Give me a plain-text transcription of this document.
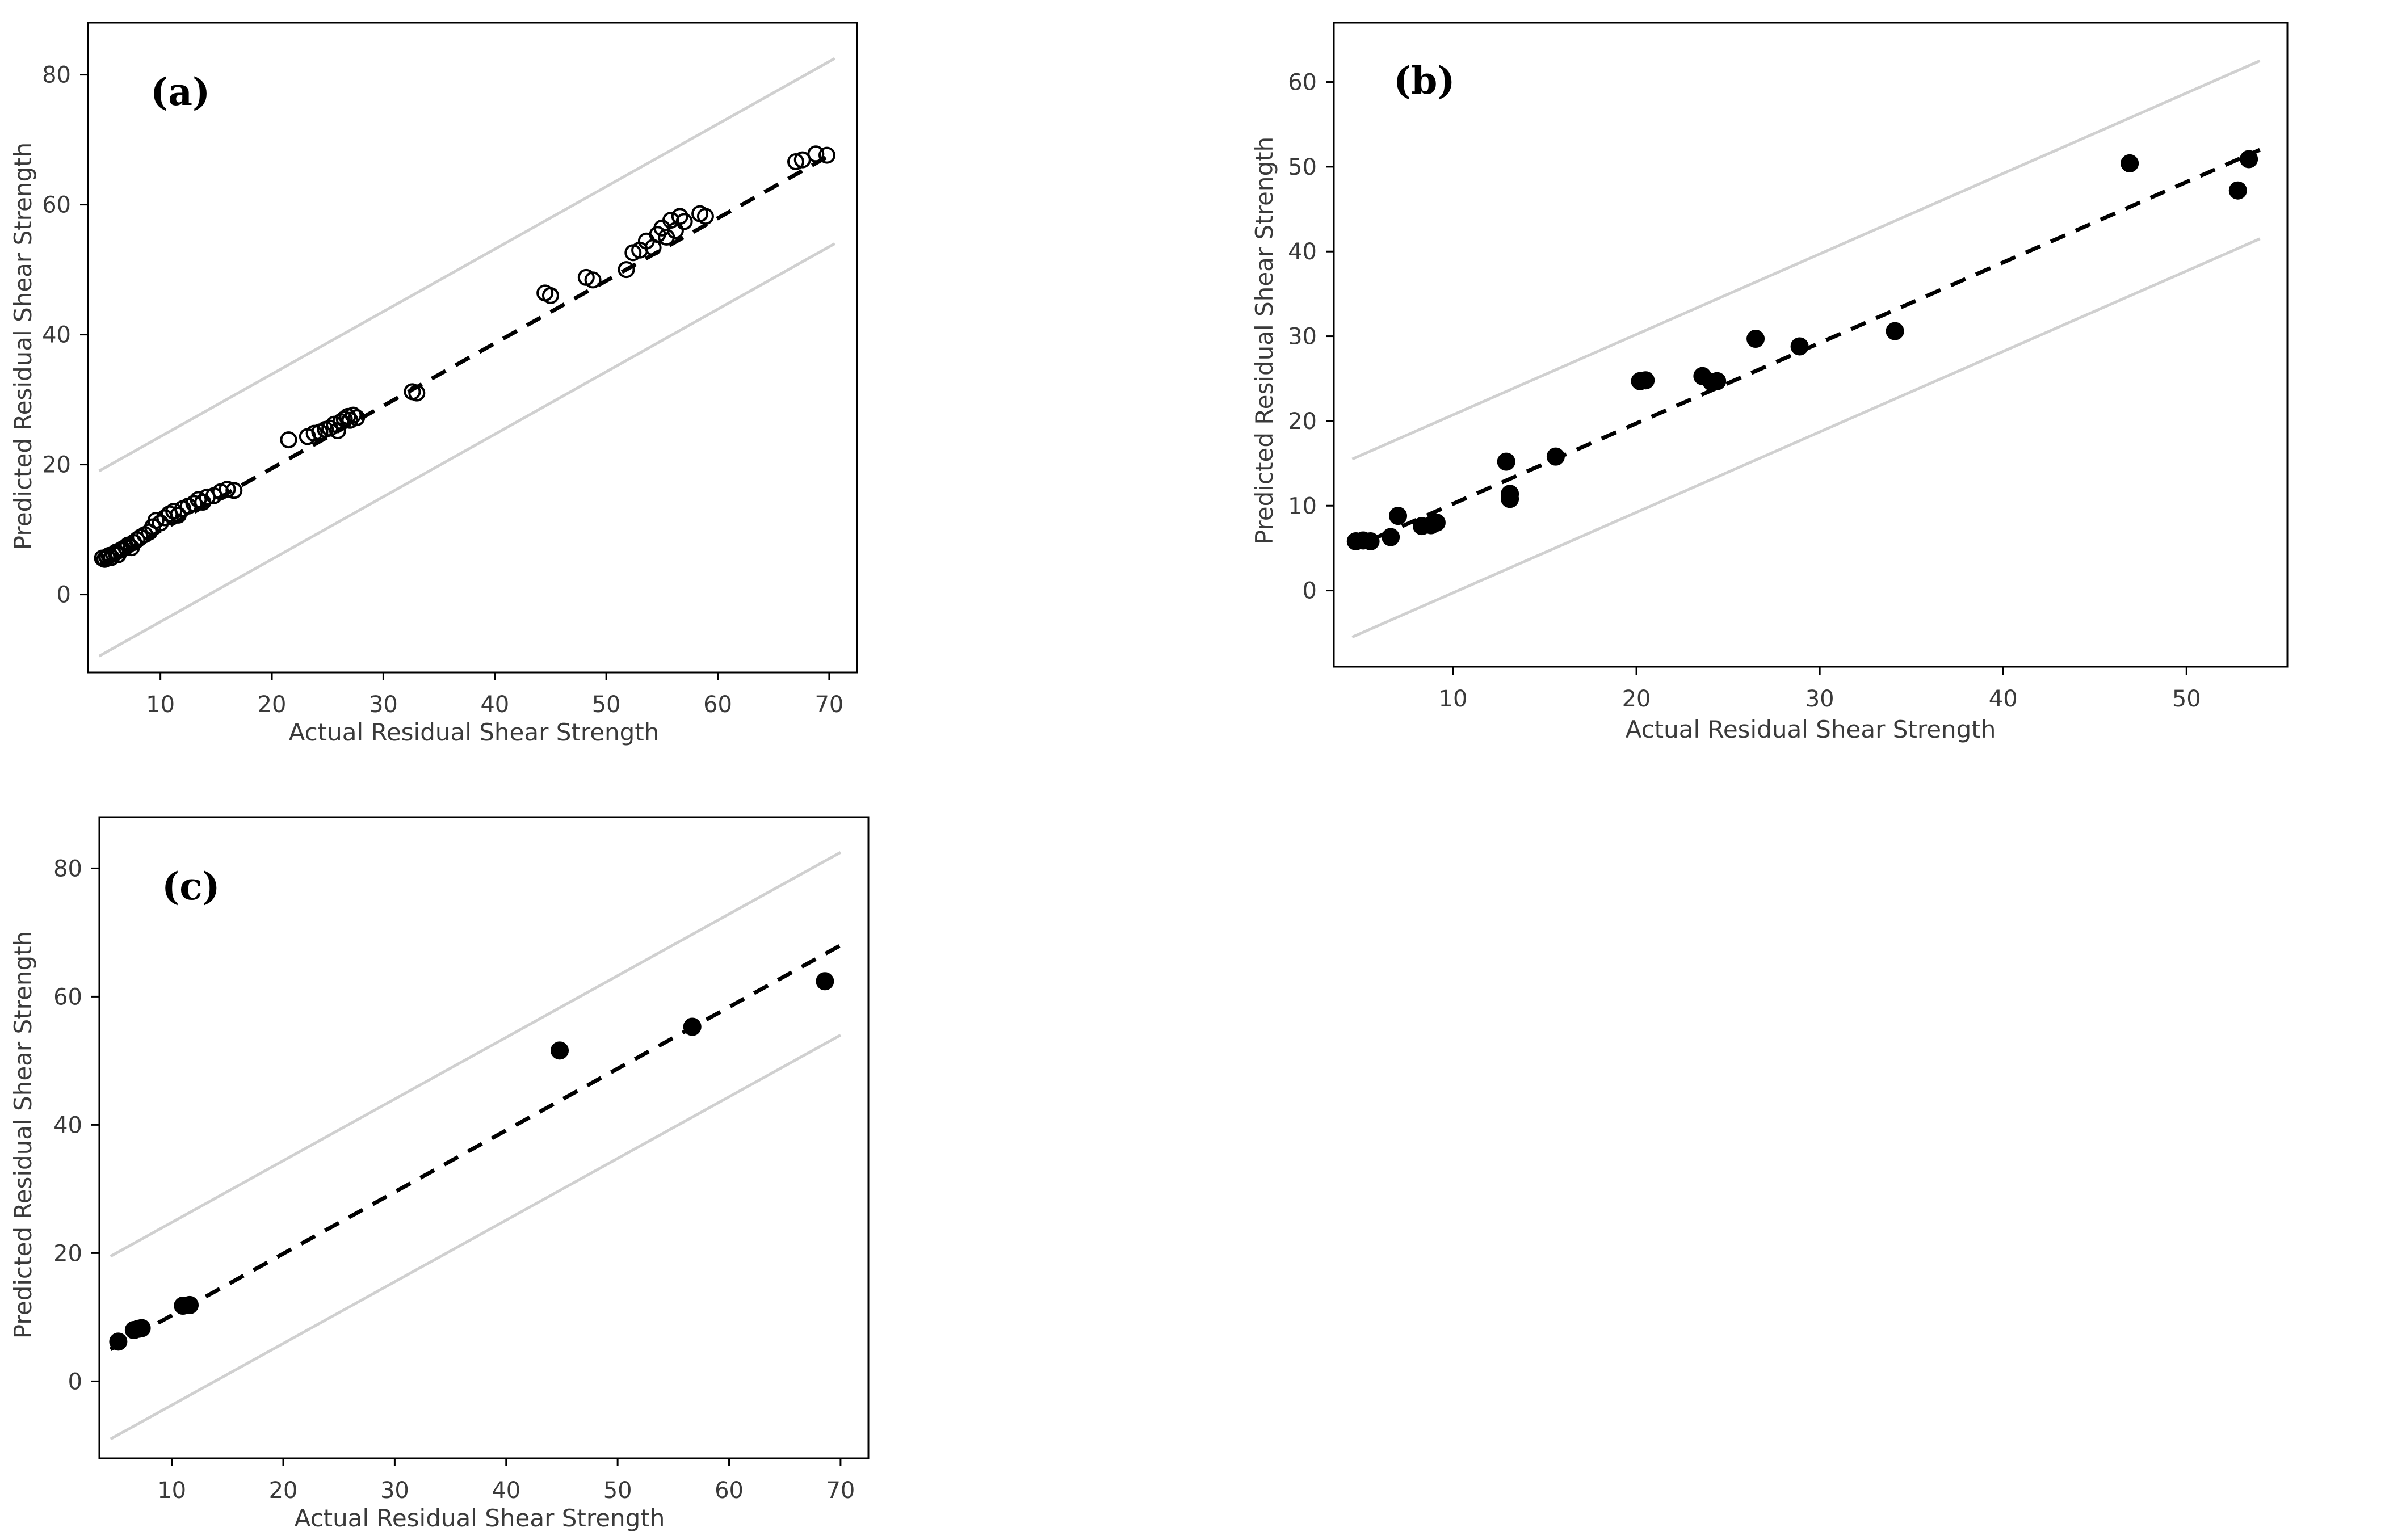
10	20	30	40	50	60	70
0
20
40
60
80 (a)
Actual Residual Shear Strength
Predicted Residual Shear Strength
10	20	30	40	50
0
10
20
30
40
50
60 (b)
Actual Residual Shear Strength
Predicted Residual Shear Strength
10	20	30	40	50	60	70
0
20
40
60
80 (c)
Actual Residual Shear Strength
Predicted Residual Shear Strength
